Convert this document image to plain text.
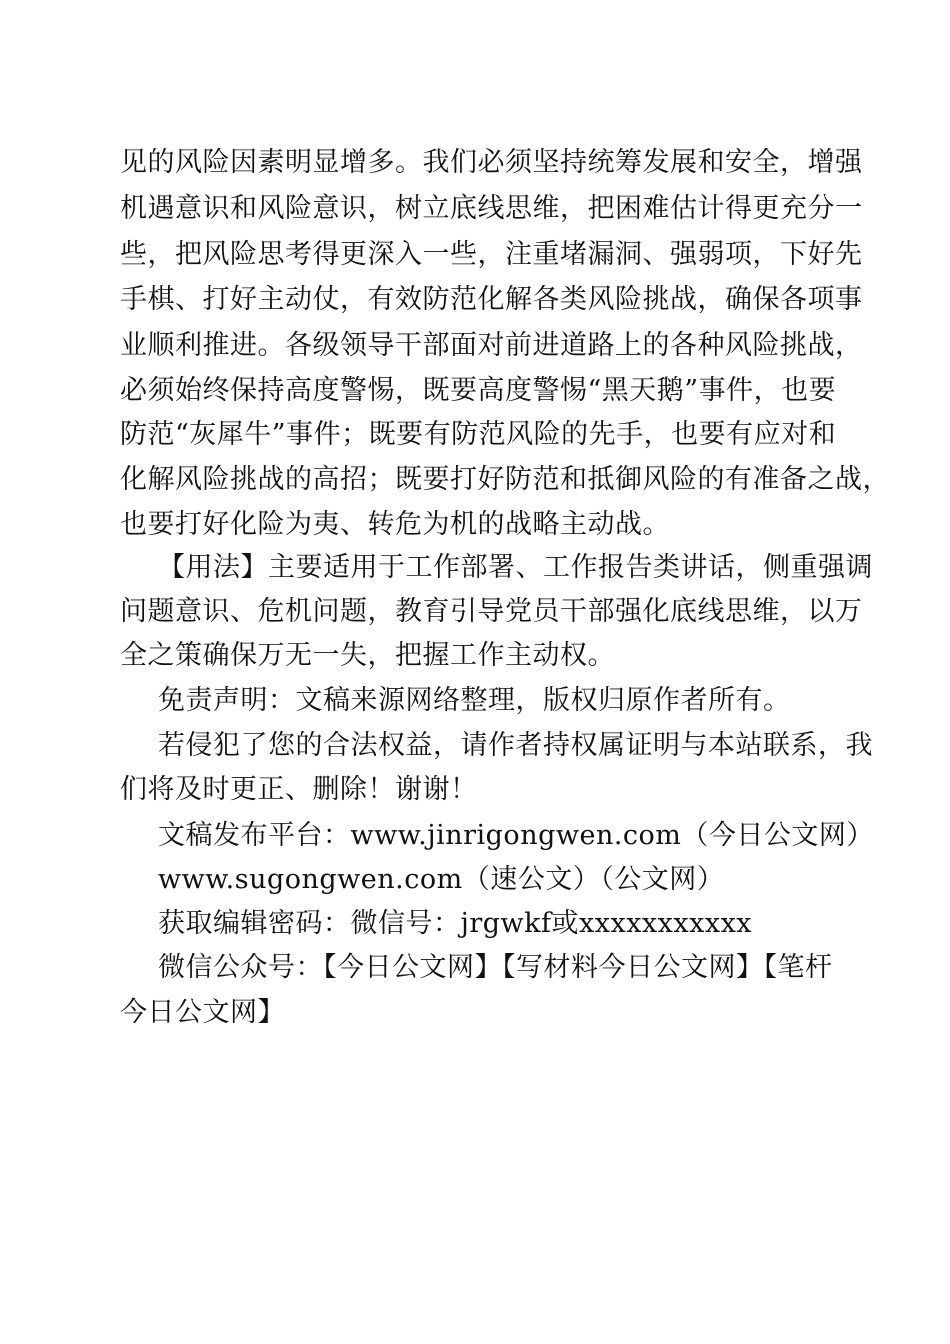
见的风险因素明显增多。我们必须坚持统筹发展和安全，增强
机遇意识和风险意识，树立底线思维，把困难估计得更充分一
些，把风险思考得更深入一些，注重堵漏洞、强弱项，下好先
手棋、打好主动仗，有效防范化解各类风险挑战，确保各项事
业顺利推进。各级领导干部面对前进道路上的各种风险挑战，
必须始终保持高度警惕，既要高度警惕“黑天鹅”事件，也要
防范“灰犀牛”事件；既要有防范风险的先手，也要有应对和
化解风险挑战的高招；既要打好防范和抵御风险的有准备之战，
也要打好化险为夷、转危为机的战略主动战。
【用法】主要适用于工作部署、工作报告类讲话，侧重强调
问题意识、危机问题，教育引导党员干部强化底线思维，以万
全之策确保万无一失，把握工作主动权。
免责声明：文稿来源网络整理，版权归原作者所有。
若侵犯了您的合法权益，请作者持权属证明与本站联系，我
们将及时更正、删除！谢谢！
文稿发布平台：www.jinrigongwen.com（今日公文网）
www.sugongwen.com（速公文）（公文网）
获取编辑密码：微信号：jrgwkf或xxxxxxxxxxx
微信公众号：【今日公文网】【写材料今日公文网】【笔杆
今日公文网】
